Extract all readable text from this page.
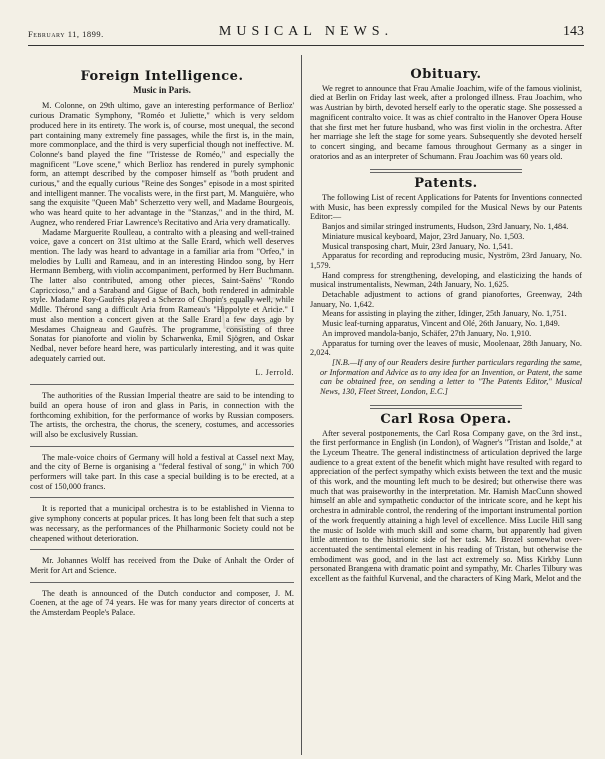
February 11, 1899.	MUSICAL NEWS.	143
Foreign Intelligence.
Music in Paris.

M. Colonne, on 29th ultimo, gave an interesting performance of Berlioz' curious Dramatic Symphony, "Roméo et Juliette," which is very seldom produced here in its entirety. The work is, of course, most unequal, the second part containing many extremely fine passages, while the first is, in the main, more commonplace, and the third is very superficial though not ineffective. M. Colonne's band played the fine "Tristesse de Roméo," and especially the magnificent "Love scene," which Berlioz has rendered in purely symphonic form, an attempt described by the composer himself as "both prudent and curious," and the equally curious "Reine des Songes" episode in a most spirited and intelligent manner. The vocalists were, in the first part, M. Manguière, who sang the exquisite "Queen Mab" Scherzetto very well, and Madame Bourgeois, who was heard quite to her advantage in the "Stanzas," and in the third, M. Augnez, who rendered Friar Lawrence's Recitativo and Aria very dramatically.

Madame Marguerite Roulleau, a contralto with a pleasing and well-trained voice, gave a concert on 31st ultimo at the Salle Erard, which well deserves mention. The lady was heard to advantage in a familiar aria from "Orfeo," in melodies by Lulli and Rameau, and in an interesting Hindoo song, by Herr Hermann Bemberg, with violin accompaniment, performed by Herr Buchmann. The latter also contributed, among other pieces, Saint-Saëns' "Rondo Capriccioso," and a Saraband and Gigue of Bach, both rendered in admirable style. Madame Roy-Gaufrès played a Scherzo of Chopin's equally well, while Mdlle. Thérond sang a difficult Aria from Rameau's "Hippolyte et Aricie." I must also mention a concert given at the Salle Erard a few days ago by Mesdames Chaigneau and Gaufrès. The programme, consisting of three Sonatas for pianoforte and violin by Scharwenka, Emil Sjögren, and Oskar Nedbal, never before heard here, was particularly interesting, and it was quite adequately carried out.

L. Jerrold.

The authorities of the Russian Imperial theatre are said to be intending to build an opera house of iron and glass in Paris, in connection with the forthcoming exhibition, for the performance of works by Russian composers. The artists, the orchestra, the chorus, the scenery, costumes, and accessories will also be exclusively Russian.

The male-voice choirs of Germany will hold a festival at Cassel next May, and the city of Berne is organising a "federal festival of song," in which 700 performers will take part. In this case a special building is to be erected, at a cost of 150,000 francs.

It is reported that a municipal orchestra is to be established in Vienna to give symphony concerts at popular prices. It has long been felt that such a step was necessary, as the performances of the Philharmonic Society could not be cheapened without deterioration.

Mr. Johannes Wolff has received from the Duke of Anhalt the Order of Merit for Art and Science.

The death is announced of the Dutch conductor and composer, J. M. Coenen, at the age of 74 years. He was for many years director of concerts at the Amsterdam People's Palace.

Obituary.

We regret to announce that Frau Amalie Joachim, wife of the famous violinist, died at Berlin on Friday last week, after a prolonged illness. Frau Joachim, who was Austrian by birth, devoted herself early to the operatic stage. She possessed a magnificent contralto voice. It was as chief contralto in the Hanover Opera House that she first met her future husband, who was first violin in the orchestra. After her marriage she left the stage for some years. Subsequently she devoted herself to concert singing, and became famous throughout Germany as a singer in oratorios and as an interpreter of Schumann. Frau Joachim was 60 years old.

Patents.

The following List of recent Applications for Patents for Inventions connected with Music, has been expressly compiled for the Musical News by our Patents Editor:—

Banjos and similar stringed instruments, Hudson, 23rd January, No. 1,484.

Miniature musical keyboard, Major, 23rd January, No. 1,503.

Musical transposing chart, Muir, 23rd January, No. 1,541.

Apparatus for recording and reproducing music, Nyström, 23rd January, No. 1,579.

Hand compress for strengthening, developing, and elasticizing the hands of musical instrumentalists, Newman, 24th January, No. 1,625.

Detachable adjustment to actions of grand pianofortes, Greenway, 24th January, No. 1,642.

Means for assisting in playing the zither, Idinger, 25th January, No. 1,751.

Music leaf-turning apparatus, Vincent and Olé, 26th January, No. 1,849.

An improved mandola-banjo, Schäfer, 27th January, No. 1,910.

Apparatus for turning over the leaves of music, Moolenaar, 28th January, No. 2,024.

[N.B.—If any of our Readers desire further particulars regarding the same, or Information and Advice as to any idea for an Invention, or Patent, the same can be obtained free, on sending a letter to "The Patents Editor," Musical News, 130, Fleet Street, London, E.C.]

Carl Rosa Opera.

After several postponements, the Carl Rosa Company gave, on the 3rd inst., the first performance in English (in London), of Wagner's "Tristan and Isolde," at the Lyceum Theatre. The general indistinctness of articulation deprived the large audience to a great extent of the benefit which might have resulted with regard to appreciation of the perfect sympathy which exists between the text and the music of this work, and the mounting left much to be desired; but otherwise there was much that was praiseworthy in the interpretation. Mr. Hamish MacCunn showed himself an able and sympathetic conductor of the intricate score, and he kept his orchestra in admirable control, the rendering of the important instrumental portion of the work frequently attaining a high level of excellence. Miss Lucile Hill sang the music of Isolde with much skill and some charm, but apparently had given little attention to the histrionic side of her task. Mr. Brozel somewhat over-accentuated the sentimental element in his reading of Tristan, but otherwise the embodiment was good, and in the last act extremely so. Miss Kirkby Lunn personated Brangæna with dramatic point and sympathy, Mr. Charles Tilbury was excellent as the faithful Kurvenal, and the characters of King Mark, Melot and the
